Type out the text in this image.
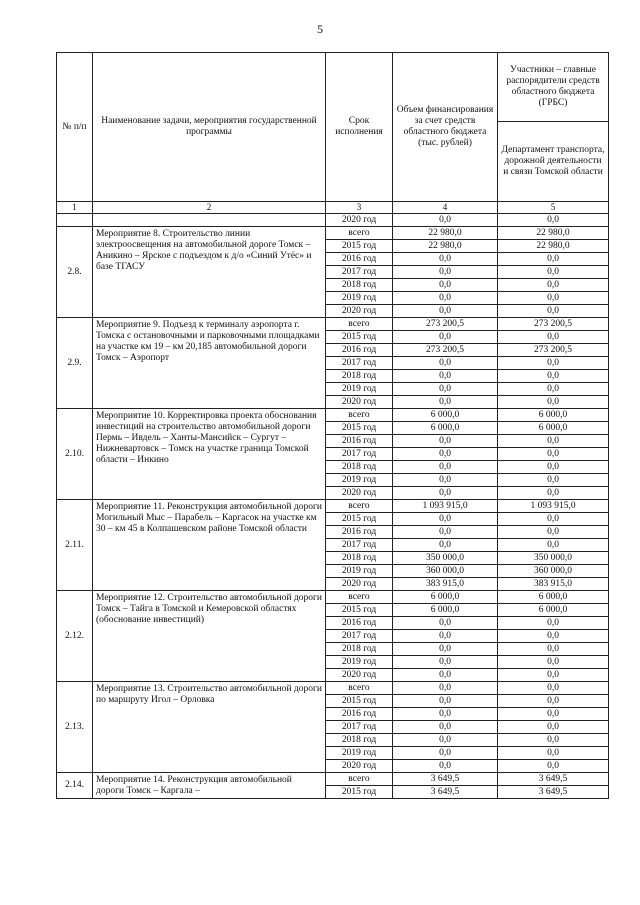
5
№ п/п	Наименование задачи, мероприятия государственной программы	Срок исполнения	Объем финансирования за счет средств областного бюджета (тыс. рублей)	Участники – главные распорядители средств областного бюджета (ГРБС)
				Департамент транспорта, дорожной деятельности и связи Томской области
1	2	3	4	5
		2020 год	0,0	0,0
2.8.	Мероприятие 8. Строительство линии электроосвещения на автомобильной дороге Томск – Аникино – Ярское с подъездом к д/о «Синий Утёс» и базе ТГАСУ	всего	22 980,0	22 980,0
		2015 год	22 980,0	22 980,0
		2016 год	0,0	0,0
		2017 год	0,0	0,0
		2018 год	0,0	0,0
		2019 год	0,0	0,0
		2020 год	0,0	0,0
2.9.	Мероприятие 9. Подъезд к терминалу аэропорта г. Томска с остановочными и парковочными площадками на участке км 19 – км 20,185 автомобильной дороги Томск – Аэропорт	всего	273 200,5	273 200,5
		2015 год	0,0	0,0
		2016 год	273 200,5	273 200,5
		2017 год	0,0	0,0
		2018 год	0,0	0,0
		2019 год	0,0	0,0
		2020 год	0,0	0,0
2.10.	Мероприятие 10. Корректировка проекта обоснования инвестиций на строительство автомобильной дороги Пермь – Ивдель – Ханты-Мансийск – Сургут – Нижневартовск – Томск на участке граница Томской области – Инкино	всего	6 000,0	6 000,0
		2015 год	6 000,0	6 000,0
		2016 год	0,0	0,0
		2017 год	0,0	0,0
		2018 год	0,0	0,0
		2019 год	0,0	0,0
		2020 год	0,0	0,0
2.11.	Мероприятие 11. Реконструкция автомобильной дороги Могильный Мыс – Парабель – Каргасок на участке км 30 – км 45 в Колпашевском районе Томской области	всего	1 093 915,0	1 093 915,0
		2015 год	0,0	0,0
		2016 год	0,0	0,0
		2017 год	0,0	0,0
		2018 год	350 000,0	350 000,0
		2019 год	360 000,0	360 000,0
		2020 год	383 915,0	383 915,0
2.12.	Мероприятие 12. Строительство автомобильной дороги Томск – Тайга в Томской и Кемеровской областях (обоснование инвестиций)	всего	6 000,0	6 000,0
		2015 год	6 000,0	6 000,0
		2016 год	0,0	0,0
		2017 год	0,0	0,0
		2018 год	0,0	0,0
		2019 год	0,0	0,0
		2020 год	0,0	0,0
2.13.	Мероприятие 13. Строительство автомобильной дороги по маршруту Игол – Орловка	всего	0,0	0,0
		2015 год	0,0	0,0
		2016 год	0,0	0,0
		2017 год	0,0	0,0
		2018 год	0,0	0,0
		2019 год	0,0	0,0
		2020 год	0,0	0,0
2.14.	Мероприятие 14. Реконструкция автомобильной дороги Томск – Каргала –	всего	3 649,5	3 649,5
		2015 год	3 649,5	3 649,5
